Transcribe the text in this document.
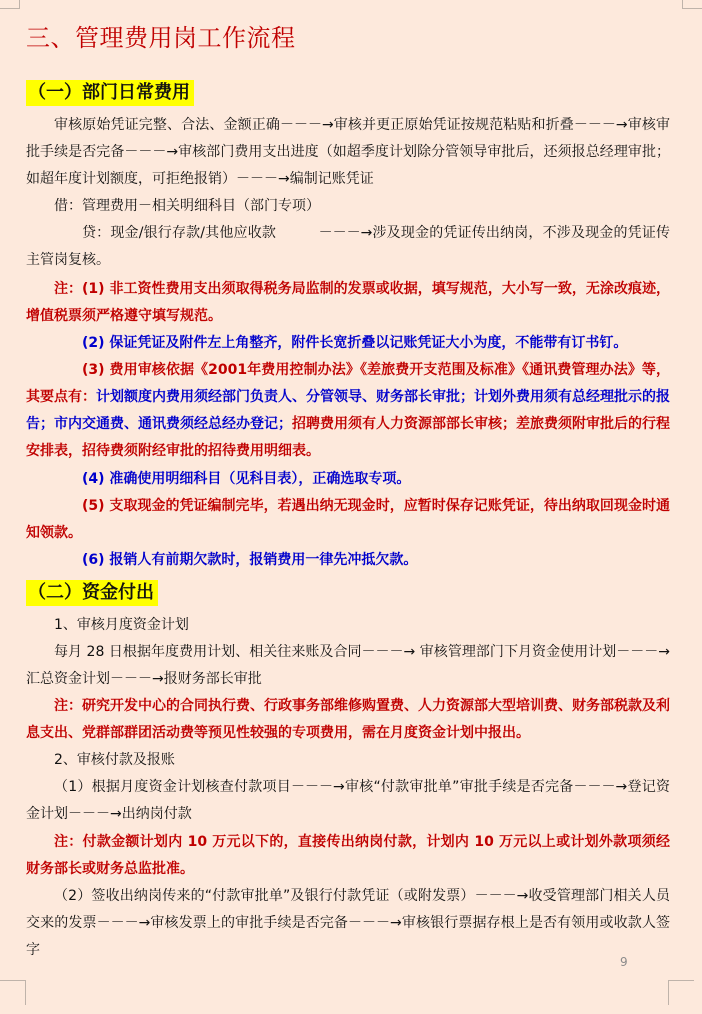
三、管理费用岗工作流程
（一）部门日常费用
审核原始凭证完整、合法、金额正确－－－→审核并更正原始凭证按规范粘贴和折叠－－－→审核审批手续是否完备－－－→审核部门费用支出进度（如超季度计划除分管领导审批后，还须报总经理审批；如超年度计划额度，可拒绝报销）－－－→编制记账凭证
借：管理费用－相关明细科目（部门专项）
贷：现金/银行存款/其他应收款　　　－－－→涉及现金的凭证传出纳岗，不涉及现金的凭证传主管岗复核。
注：(1) 非工资性费用支出须取得税务局监制的发票或收据，填写规范，大小写一致，无涂改痕迹，增值税票须严格遵守填写规范。
(2) 保证凭证及附件左上角整齐，附件长宽折叠以记账凭证大小为度，不能带有订书钉。
(3) 费用审核依据《2001年费用控制办法》《差旅费开支范围及标准》《通讯费管理办法》等，其要点有：计划额度内费用须经部门负责人、分管领导、财务部长审批；计划外费用须有总经理批示的报告；市内交通费、通讯费须经总经办登记；招聘费用须有人力资源部部长审核；差旅费须附审批后的行程安排表，招待费须附经审批的招待费用明细表。
(4) 准确使用明细科目（见科目表），正确选取专项。
(5) 支取现金的凭证编制完毕，若遇出纳无现金时，应暂时保存记账凭证，待出纳取回现金时通知领款。
(6) 报销人有前期欠款时，报销费用一律先冲抵欠款。
（二）资金付出
1、审核月度资金计划
每月 28 日根据年度费用计划、相关往来账及合同－－－→ 审核管理部门下月资金使用计划－－－→汇总资金计划－－－→报财务部长审批
注：研究开发中心的合同执行费、行政事务部维修购置费、人力资源部大型培训费、财务部税款及利息支出、党群部群团活动费等预见性较强的专项费用，需在月度资金计划中报出。
2、审核付款及报账
（1）根据月度资金计划核查付款项目－－－→审核“付款审批单”审批手续是否完备－－－→登记资金计划－－－→出纳岗付款
注：付款金额计划内 10 万元以下的，直接传出纳岗付款，计划内 10 万元以上或计划外款项须经财务部长或财务总监批准。
（2）签收出纳岗传来的“付款审批单”及银行付款凭证（或附发票）－－－→收受管理部门相关人员交来的发票－－－→审核发票上的审批手续是否完备－－－→审核银行票据存根上是否有领用或收款人签字
9
